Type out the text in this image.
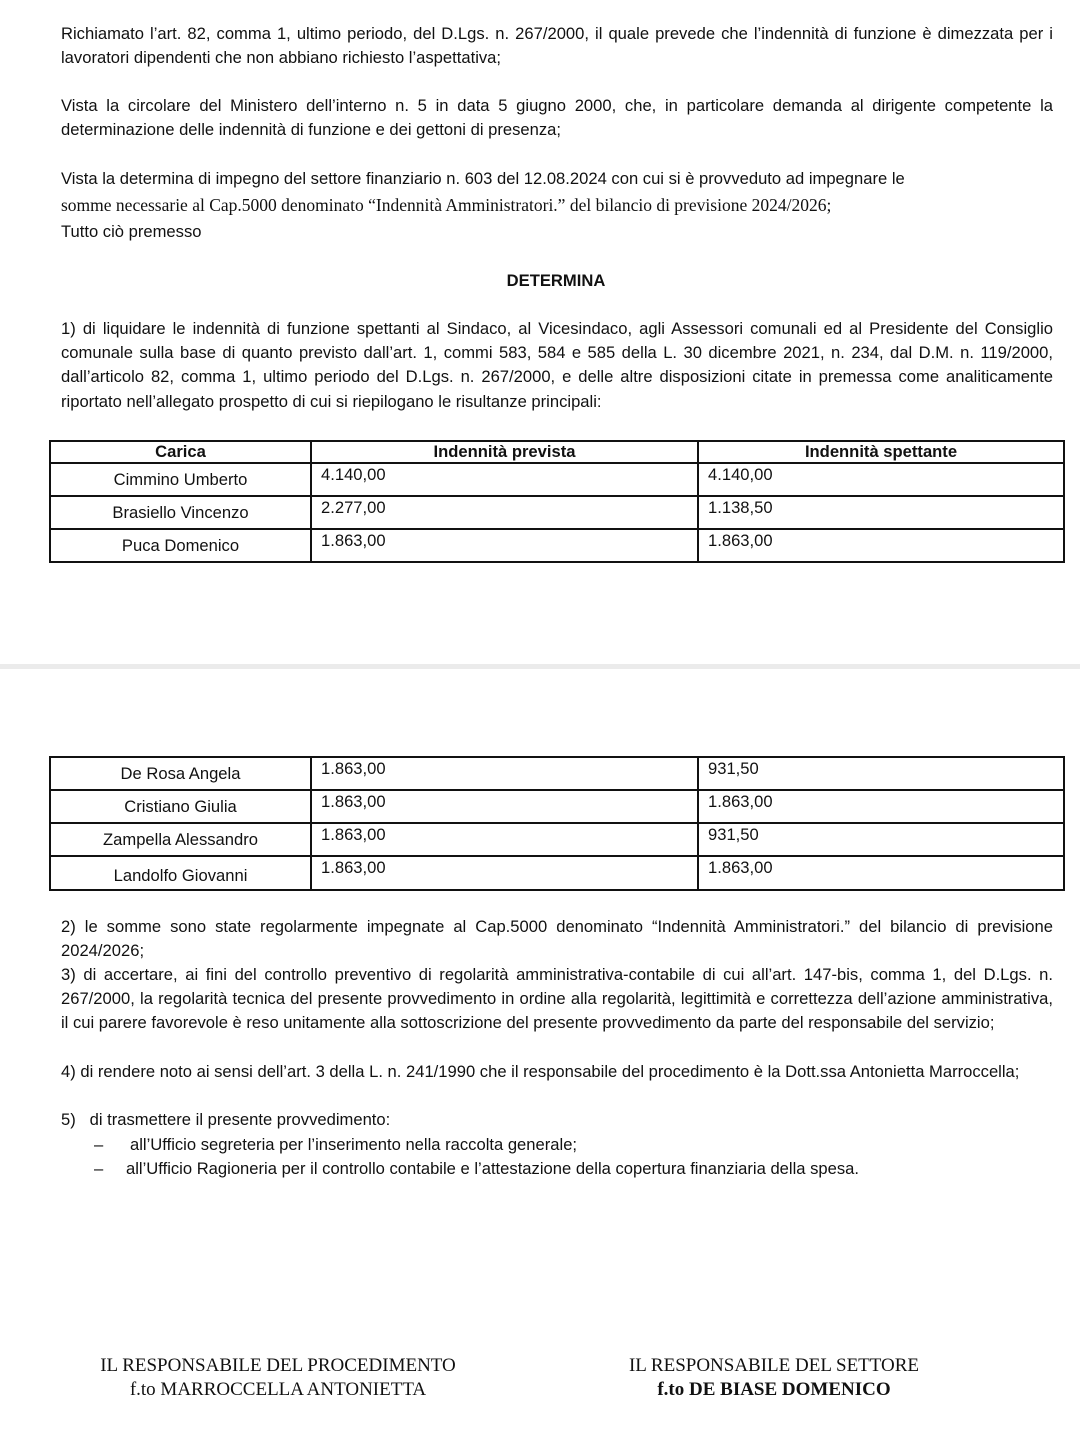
Richiamato l’art. 82, comma 1, ultimo periodo, del D.Lgs. n. 267/2000, il quale prevede che l’indennità di funzione è dimezzata per i lavoratori dipendenti che non abbiano richiesto l’aspettativa;

Vista la circolare del Ministero dell’interno n. 5 in data 5 giugno 2000, che, in particolare demanda al dirigente competente la determinazione delle indennità di funzione e dei gettoni di presenza;

Vista la determina di impegno del settore finanziario n. 603 del 12.08.2024 con cui si è provveduto ad impegnare le

somme necessarie al Cap.5000 denominato “Indennità Amministratori.” del bilancio di previsione 2024/2026;

Tutto ciò premesso

DETERMINA

1) di liquidare le indennità di funzione spettanti al Sindaco, al Vicesindaco, agli Assessori comunali ed al Presidente del Consiglio comunale sulla base di quanto previsto dall’art. 1, commi 583, 584 e 585 della L. 30 dicembre 2021, n. 234, dal D.M. n. 119/2000, dall’articolo 82, comma 1, ultimo periodo del D.Lgs. n. 267/2000, e delle altre disposizioni citate in premessa come analiticamente riportato nell’allegato prospetto di cui si riepilogano le risultanze principali:

Carica	Indennità prevista	Indennità spettante
Cimmino Umberto	4.140,00	4.140,00
Brasiello Vincenzo	2.277,00	1.138,50
Puca Domenico	1.863,00	1.863,00
De Rosa Angela	1.863,00	931,50
Cristiano Giulia	1.863,00	1.863,00
Zampella Alessandro	1.863,00	931,50
Landolfo Giovanni	1.863,00	1.863,00

2) le somme sono state regolarmente impegnate al Cap.5000 denominato “Indennità Amministratori.” del bilancio di previsione 2024/2026;

3) di accertare, ai fini del controllo preventivo di regolarità amministrativa-contabile di cui all’art. 147-bis, comma 1, del D.Lgs. n. 267/2000, la regolarità tecnica del presente provvedimento in ordine alla regolarità, legittimità e correttezza dell’azione amministrativa, il cui parere favorevole è reso unitamente alla sottoscrizione del presente provvedimento da parte del responsabile del servizio;

4) di rendere noto ai sensi dell’art. 3 della L. n. 241/1990 che il responsabile del procedimento è la Dott.ssa Antonietta Marroccella;

5)   di trasmettere il presente provvedimento:
– all’Ufficio segreteria per l’inserimento nella raccolta generale;
– all’Ufficio Ragioneria per il controllo contabile e l’attestazione della copertura finanziaria della spesa.
IL RESPONSABILE DEL PROCEDIMENTO
f.to MARROCCELLA ANTONIETTA
IL RESPONSABILE DEL SETTORE
f.to DE BIASE DOMENICO
